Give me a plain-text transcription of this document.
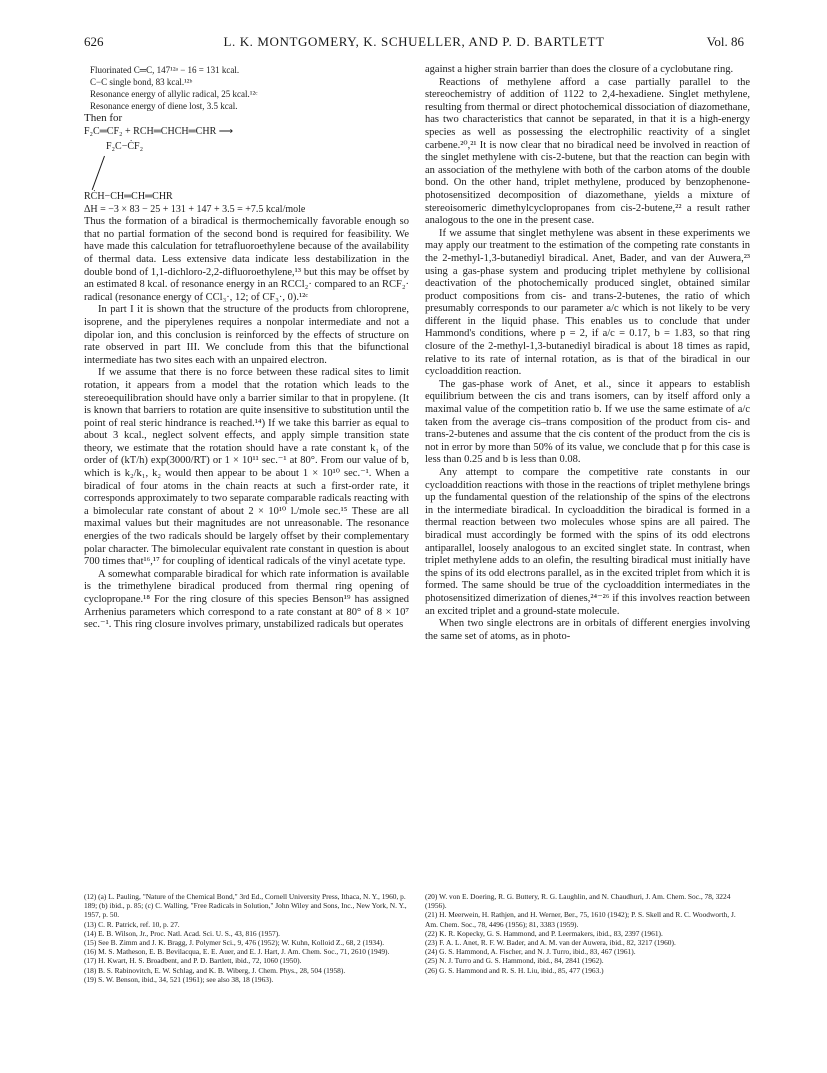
626	L. K. MONTGOMERY, K. SCHUELLER, AND P. D. BARTLETT	Vol. 86

Fluorinated C═C, 147¹²ᵃ − 16 = 131 kcal.

C−C single bond, 83 kcal.¹²ᵇ

Resonance energy of allylic radical, 25 kcal.¹²ᶜ

Resonance energy of diene lost, 3.5 kcal.

Then for

F₂C═CF₂ + RCH═CHCH═CHR ⟶

F₂C−ĊF₂
RĊH−CH═CH═CHR

ΔH = −3 × 83 − 25 + 131 + 147 + 3.5 = +7.5 kcal/mole

Thus the formation of a biradical is thermochemically favorable enough so that no partial formation of the second bond is required for feasibility. We have made this calculation for tetrafluoroethylene because of the availability of thermal data. Less extensive data indicate less destabilization in the double bond of 1,1-dichloro-2,2-difluoroethylene,¹³ but this may be offset by an estimated 8 kcal. of resonance energy in an RCCl₂· compared to an RCF₂· radical (resonance energy of CCl₃·, 12; of CF₃·, 0).¹²ᶜ

In part I it is shown that the structure of the products from chloroprene, isoprene, and the piperylenes requires a nonpolar intermediate and not a dipolar ion, and this conclusion is reinforced by the effects of structure on rate observed in part III. We conclude from this that the bifunctional intermediate has two sites each with an unpaired electron.

If we assume that there is no force between these radical sites to limit rotation, it appears from a model that the rotation which leads to the stereoequilibration should have only a barrier similar to that in propylene. (It is known that barriers to rotation are quite insensitive to substitution until the point of real steric hindrance is reached.¹⁴) If we take this barrier as equal to about 3 kcal., neglect solvent effects, and apply simple transition state theory, we estimate that the rotation should have a rate constant k₁ of the order of (kT/h) exp(3000/RT) or 1 × 10¹¹ sec.⁻¹ at 80°. From our value of b, which is k₂/k₁, k₂ would then appear to be about 1 × 10¹⁰ sec.⁻¹. When a biradical of four atoms in the chain reacts at such a first-order rate, it corresponds approximately to two separate comparable radicals reacting with a bimolecular rate constant of about 2 × 10¹⁰ l./mole sec.¹⁵ These are all maximal values but their magnitudes are not unreasonable. The resonance energies of the two radicals should be largely offset by their complementary polar character. The bimolecular equivalent rate constant in question is about 700 times that¹⁶,¹⁷ for coupling of identical radicals of the vinyl acetate type.

A somewhat comparable biradical for which rate information is available is the trimethylene biradical produced from thermal ring opening of cyclopropane.¹⁸ For the ring closure of this species Benson¹⁹ has assigned Arrhenius parameters which correspond to a rate constant at 80° of 8 × 10⁷ sec.⁻¹. This ring closure involves primary, unstabilized radicals but operates

against a higher strain barrier than does the closure of a cyclobutane ring.

Reactions of methylene afford a case partially parallel to the stereochemistry of addition of 1122 to 2,4-hexadiene. Singlet methylene, resulting from thermal or direct photochemical dissociation of diazomethane, has two characteristics that cannot be separated, in that it is a high-energy species as well as possessing the electrophilic reactivity of a singlet carbene.²⁰,²¹ It is now clear that no biradical need be involved in reaction of the singlet methylene with cis-2-butene, but that the reaction can begin with an association of the methylene with both of the carbon atoms of the double bond. On the other hand, triplet methylene, produced by benzophenone-photosensitized decomposition of diazomethane, yields a mixture of stereoisomeric dimethylcyclopropanes from cis-2-butene,²² a result rather analogous to the one in the present case.

If we assume that singlet methylene was absent in these experiments we may apply our treatment to the estimation of the competing rate constants in the 2-methyl-1,3-butanediyl biradical. Anet, Bader, and van der Auwera,²³ using a gas-phase system and producing triplet methylene by collisional deactivation of the photochemically produced singlet, obtained similar product compositions from cis- and trans-2-butenes, the ratio of which presumably corresponds to our parameter a/c which is not likely to be very different in the liquid phase. This enables us to conclude that under Hammond's conditions, where p = 2, if a/c = 0.17, b = 1.83, so that ring closure of the 2-methyl-1,3-butanediyl biradical is about 18 times as rapid, relative to its rate of internal rotation, as is that of the biradical in our cycloaddition reaction.

The gas-phase work of Anet, et al., since it appears to establish equilibrium between the cis and trans isomers, can by itself afford only a maximal value of the competition ratio b. If we use the same estimate of a/c taken from the average cis–trans composition of the product from cis- and trans-2-butenes and assume that the cis content of the product from the cis is not in error by more than 50% of its value, we conclude that p for this case is less than 0.25 and b is less than 0.08.

Any attempt to compare the competitive rate constants in our cycloaddition reactions with those in the reactions of triplet methylene brings up the fundamental question of the relationship of the spins of the electrons in the intermediate biradical. In cycloaddition the biradical is formed in a thermal reaction between two molecules whose spins are all paired. The biradical must accordingly be formed with the spins of its odd electrons antiparallel, loosely analogous to an excited singlet state. In contrast, when triplet methylene adds to an olefin, the resulting biradical must initially have the spins of its odd electrons parallel, as in the excited triplet from which it is formed. The same should be true of the cycloaddition intermediates in the photosensitized dimerization of dienes,²⁴⁻²⁶ if this involves reaction between an excited triplet and a ground-state molecule.

When two single electrons are in orbitals of different energies involving the same set of atoms, as in photo-

(12) (a) L. Pauling, "Nature of the Chemical Bond," 3rd Ed., Cornell University Press, Ithaca, N. Y., 1960, p. 189; (b) ibid., p. 85; (c) C. Walling, "Free Radicals in Solution," John Wiley and Sons, Inc., New York, N. Y., 1957, p. 50.

(13) C. R. Patrick, ref. 10, p. 27.

(14) E. B. Wilson, Jr., Proc. Natl. Acad. Sci. U. S., 43, 816 (1957).

(15) See B. Zimm and J. K. Bragg, J. Polymer Sci., 9, 476 (1952); W. Kuhn, Kolloid Z., 68, 2 (1934).

(16) M. S. Matheson, E. B. Bevilacqua, E. E. Auer, and E. J. Hart, J. Am. Chem. Soc., 71, 2610 (1949).

(17) H. Kwart, H. S. Broadbent, and P. D. Bartlett, ibid., 72, 1060 (1950).

(18) B. S. Rabinovitch, E. W. Schlag, and K. B. Wiberg, J. Chem. Phys., 28, 504 (1958).

(19) S. W. Benson, ibid., 34, 521 (1961); see also 38, 18 (1963).

(20) W. von E. Doering, R. G. Buttery, R. G. Laughlin, and N. Chaudhuri, J. Am. Chem. Soc., 78, 3224 (1956).

(21) H. Meerwein, H. Rathjen, and H. Werner, Ber., 75, 1610 (1942); P. S. Skell and R. C. Woodworth, J. Am. Chem. Soc., 78, 4496 (1956); 81, 3383 (1959).

(22) K. R. Kopecky, G. S. Hammond, and P. Leermakers, ibid., 83, 2397 (1961).

(23) F. A. L. Anet, R. F. W. Bader, and A. M. van der Auwera, ibid., 82, 3217 (1960).

(24) G. S. Hammond, A. Fischer, and N. J. Turro, ibid., 83, 467 (1961).

(25) N. J. Turro and G. S. Hammond, ibid., 84, 2841 (1962).

(26) G. S. Hammond and R. S. H. Liu, ibid., 85, 477 (1963.)
